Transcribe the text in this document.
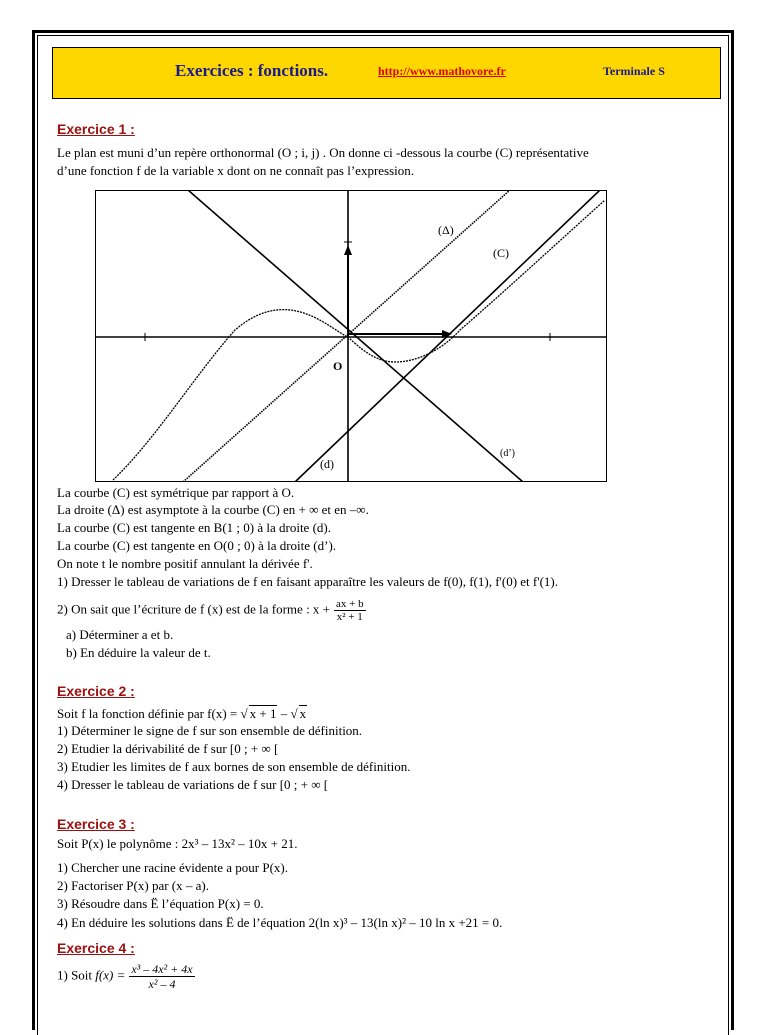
Exercices : fonctions.	http://www.mathovore.fr	Terminale S
Exercice 1 :
Le plan est muni d’un repère orthonormal (O ; i, j) . On donne ci -dessous la courbe (C) représentative
d’une fonction f de la variable x dont on ne connaît pas l’expression.
(Δ)
(C)
O
(d)
(d’)
La courbe (C) est symétrique par rapport à O.
La droite (Δ) est asymptote à la courbe (C) en + ∞ et en –∞.
La courbe (C) est tangente en B(1 ; 0) à la droite (d).
La courbe (C) est tangente en O(0 ; 0) à la droite (d’).
On note t le nombre positif annulant la dérivée f'.
1) Dresser le tableau de variations de f en faisant apparaître les valeurs de f(0), f(1), f'(0) et f'(1).
2) On sait que l’écriture de f (x) est de la forme : $x + \frac{ax + b}{\text{x² + 1}}$
a) Déterminer a et b.
b) En déduire la valeur de t.
Exercice 2 :
Soit f la fonction définie par f(x) = √ x + 1 – √ x
1) Déterminer le signe de f sur son ensemble de définition.
2) Etudier la dérivabilité de f sur [0 ; + ∞ [
3) Etudier les limites de f aux bornes de son ensemble de définition.
4) Dresser le tableau de variations de f sur [0 ; + ∞ [
Exercice 3 :
Soit P(x) le polynôme : 2x³ – 13x² – 10x + 21.
1) Chercher une racine évidente a pour P(x).
2) Factoriser P(x) par (x – a).
3) Résoudre dans Ë l’équation P(x) = 0.
4) En déduire les solutions dans Ë de l’équation 2(ln x)³ – 13(ln x)² – 10 ln x +21 = 0.
Exercice 4 :
1) Soit $f(x) = \frac{\text{x³ – 4x² + 4x}}{\text{x² – 4}}$
